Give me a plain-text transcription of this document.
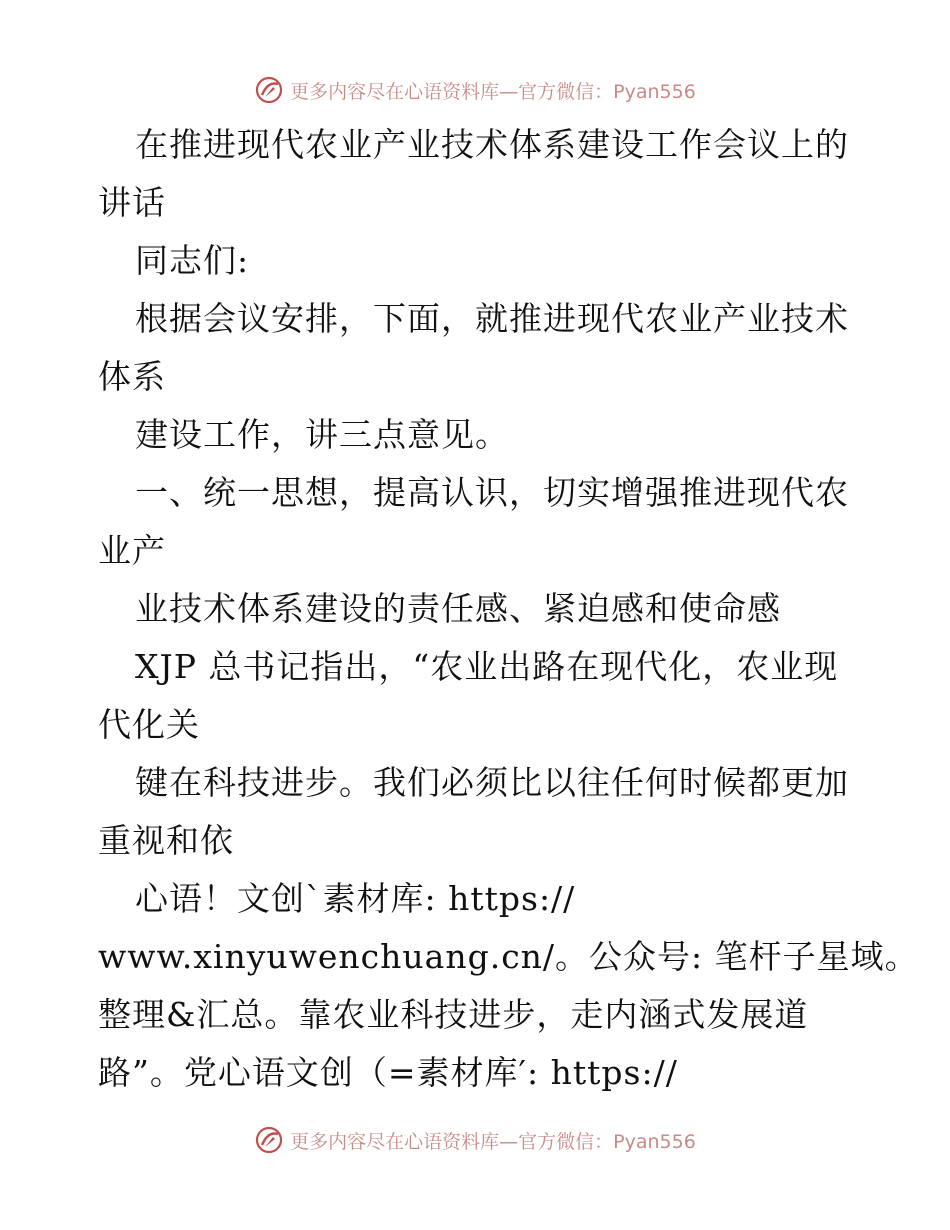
更多内容尽在心语资料库—官方微信：Pyan556
在推进现代农业产业技术体系建设工作会议上的
讲话
同志们:
根据会议安排，下面，就推进现代农业产业技术
体系
建设工作，讲三点意见。
一、统一思想，提高认识，切实增强推进现代农
业产
业技术体系建设的责任感、紧迫感和使命感
XJP 总书记指出，“农业出路在现代化，农业现
代化关
键在科技进步。我们必须比以往任何时候都更加
重视和依
心语！文创`素材库: https://
www.xinyuwenchuang.cn/。公众号: 笔杆子星域。
整理&汇总。靠农业科技进步，走内涵式发展道
路”。党心语文创（=素材库′: https://
更多内容尽在心语资料库—官方微信：Pyan556
